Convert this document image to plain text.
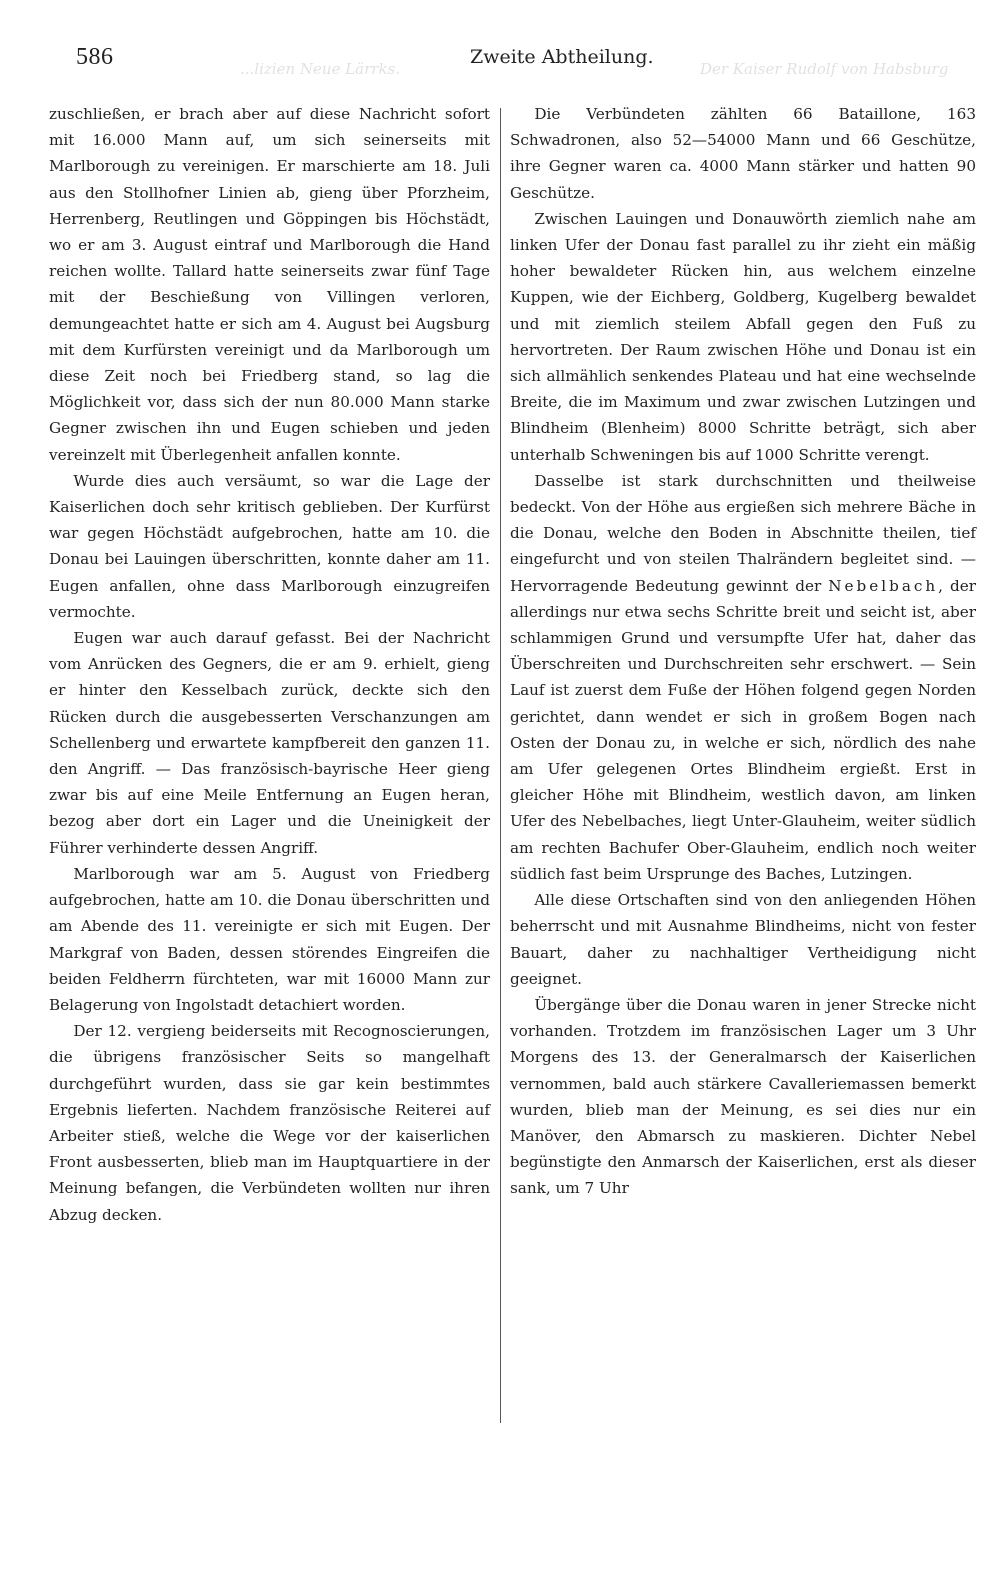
586	Zweite Abtheilung.
...lizien Neue Lärrks.	Der Kaiser Rudolf von Habsburg

zuschließen, er brach aber auf diese Nachricht sofort mit 16.000 Mann auf, um sich seinerseits mit Marlborough zu vereinigen. Er marschierte am 18. Juli aus den Stollhofner Linien ab, gieng über Pforzheim, Herrenberg, Reutlingen und Göppingen bis Höchstädt, wo er am 3. August eintraf und Marlborough die Hand reichen wollte. Tallard hatte seinerseits zwar fünf Tage mit der Beschießung von Villingen verloren, demungeachtet hatte er sich am 4. August bei Augsburg mit dem Kurfürsten vereinigt und da Marlborough um diese Zeit noch bei Friedberg stand, so lag die Möglichkeit vor, dass sich der nun 80.000 Mann starke Gegner zwischen ihn und Eugen schieben und jeden vereinzelt mit Überlegenheit anfallen konnte.

Wurde dies auch versäumt, so war die Lage der Kaiserlichen doch sehr kritisch geblieben. Der Kurfürst war gegen Höchstädt aufgebrochen, hatte am 10. die Donau bei Lauingen überschritten, konnte daher am 11. Eugen anfallen, ohne dass Marlborough einzugreifen vermochte.

Eugen war auch darauf gefasst. Bei der Nachricht vom Anrücken des Gegners, die er am 9. erhielt, gieng er hinter den Kesselbach zurück, deckte sich den Rücken durch die ausgebesserten Verschanzungen am Schellenberg und erwartete kampfbereit den ganzen 11. den Angriff. — Das französisch-bayrische Heer gieng zwar bis auf eine Meile Entfernung an Eugen heran, bezog aber dort ein Lager und die Uneinigkeit der Führer verhinderte dessen Angriff.

Marlborough war am 5. August von Friedberg aufgebrochen, hatte am 10. die Donau überschritten und am Abende des 11. vereinigte er sich mit Eugen. Der Markgraf von Baden, dessen störendes Eingreifen die beiden Feldherrn fürchteten, war mit 16000 Mann zur Belagerung von Ingolstadt detachiert worden.

Der 12. vergieng beiderseits mit Recognoscierungen, die übrigens französischer Seits so mangelhaft durchgeführt wurden, dass sie gar kein bestimmtes Ergebnis lieferten. Nachdem französische Reiterei auf Arbeiter stieß, welche die Wege vor der kaiserlichen Front ausbesserten, blieb man im Hauptquartiere in der Meinung befangen, die Verbündeten wollten nur ihren Abzug decken.

Die Verbündeten zählten 66 Bataillone, 163 Schwadronen, also 52—54000 Mann und 66 Geschütze, ihre Gegner waren ca. 4000 Mann stärker und hatten 90 Geschütze.

Zwischen Lauingen und Donauwörth ziemlich nahe am linken Ufer der Donau fast parallel zu ihr zieht ein mäßig hoher bewaldeter Rücken hin, aus welchem einzelne Kuppen, wie der Eichberg, Goldberg, Kugelberg bewaldet und mit ziemlich steilem Abfall gegen den Fuß zu hervortreten. Der Raum zwischen Höhe und Donau ist ein sich allmählich senkendes Plateau und hat eine wechselnde Breite, die im Maximum und zwar zwischen Lutzingen und Blindheim (Blenheim) 8000 Schritte beträgt, sich aber unterhalb Schweningen bis auf 1000 Schritte verengt.

Dasselbe ist stark durchschnitten und theilweise bedeckt. Von der Höhe aus ergießen sich mehrere Bäche in die Donau, welche den Boden in Abschnitte theilen, tief eingefurcht und von steilen Thalrändern begleitet sind. — Hervorragende Bedeutung gewinnt der Nebelbach, der allerdings nur etwa sechs Schritte breit und seicht ist, aber schlammigen Grund und versumpfte Ufer hat, daher das Überschreiten und Durchschreiten sehr erschwert. — Sein Lauf ist zuerst dem Fuße der Höhen folgend gegen Norden gerichtet, dann wendet er sich in großem Bogen nach Osten der Donau zu, in welche er sich, nördlich des nahe am Ufer gelegenen Ortes Blindheim ergießt. Erst in gleicher Höhe mit Blindheim, westlich davon, am linken Ufer des Nebelbaches, liegt Unter-Glauheim, weiter südlich am rechten Bachufer Ober-Glauheim, endlich noch weiter südlich fast beim Ursprunge des Baches, Lutzingen.

Alle diese Ortschaften sind von den anliegenden Höhen beherrscht und mit Ausnahme Blindheims, nicht von fester Bauart, daher zu nachhaltiger Vertheidigung nicht geeignet.

Übergänge über die Donau waren in jener Strecke nicht vorhanden. Trotzdem im französischen Lager um 3 Uhr Morgens des 13. der Generalmarsch der Kaiserlichen vernommen, bald auch stärkere Cavalleriemassen bemerkt wurden, blieb man der Meinung, es sei dies nur ein Manöver, den Abmarsch zu maskieren. Dichter Nebel begünstigte den Anmarsch der Kaiserlichen, erst als dieser sank, um 7 Uhr
